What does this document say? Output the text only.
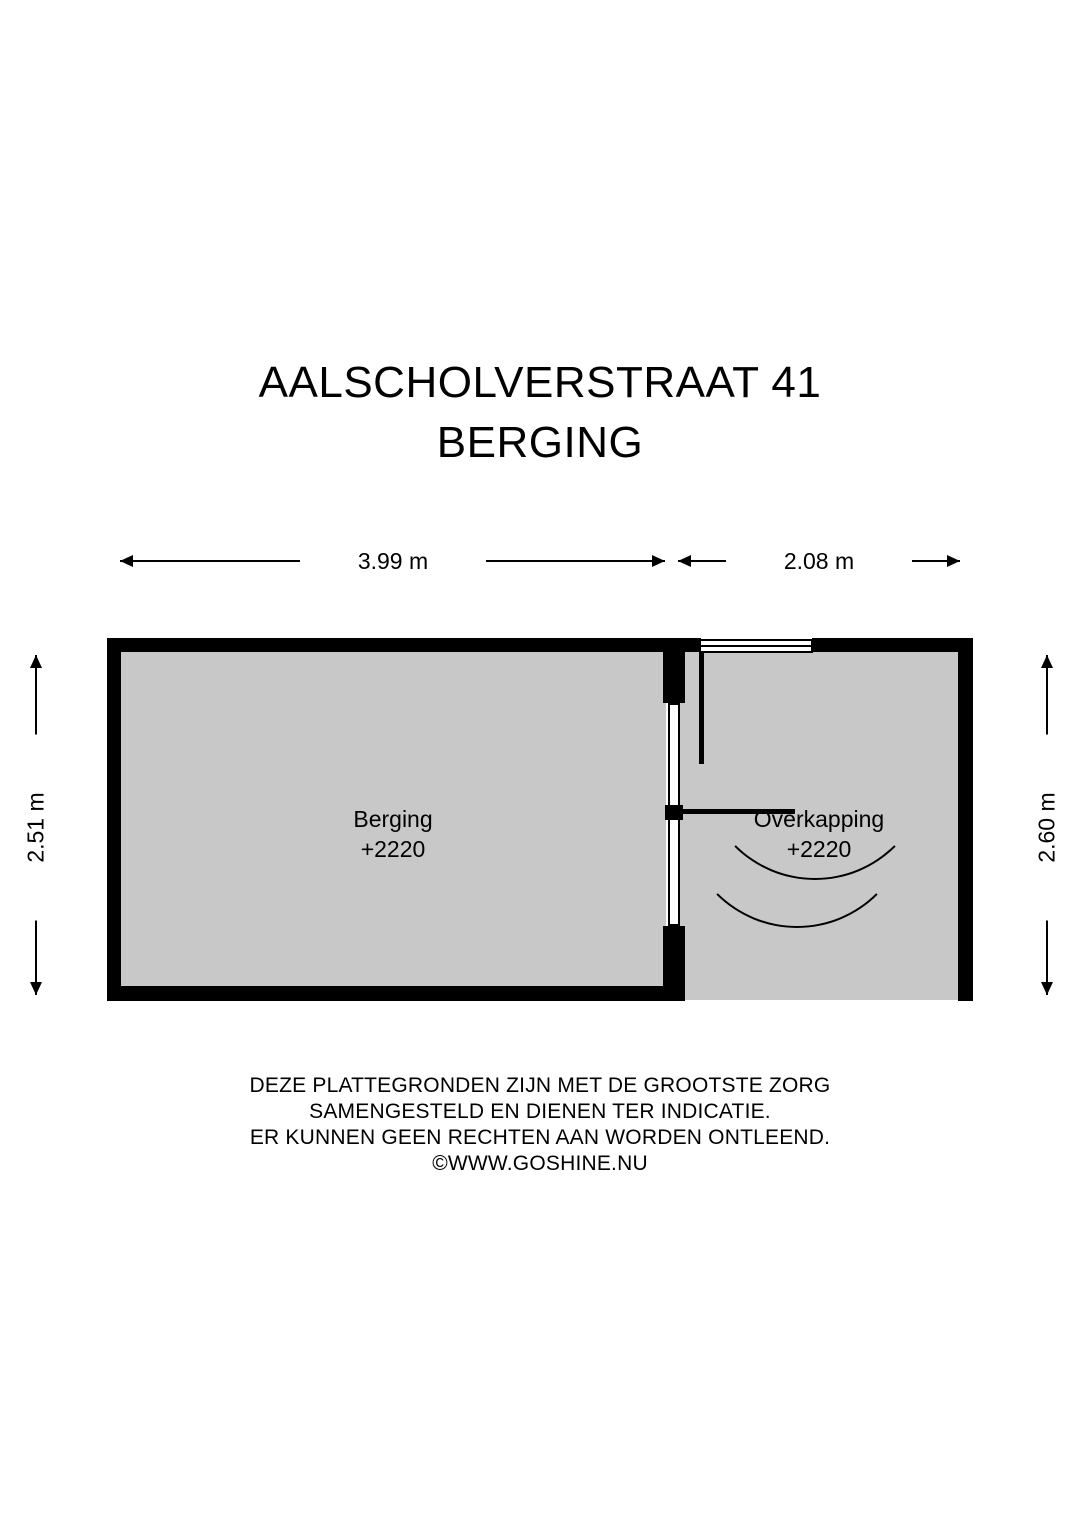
AALSCHOLVERSTRAAT 41
BERGING
3.99 m	2.08 m
2.51 m	2.60 m
Berging
+2220
Overkapping
+2220
DEZE PLATTEGRONDEN ZIJN MET DE GROOTSTE ZORG
SAMENGESTELD EN DIENEN TER INDICATIE.
ER KUNNEN GEEN RECHTEN AAN WORDEN ONTLEEND.
©WWW.GOSHINE.NU
